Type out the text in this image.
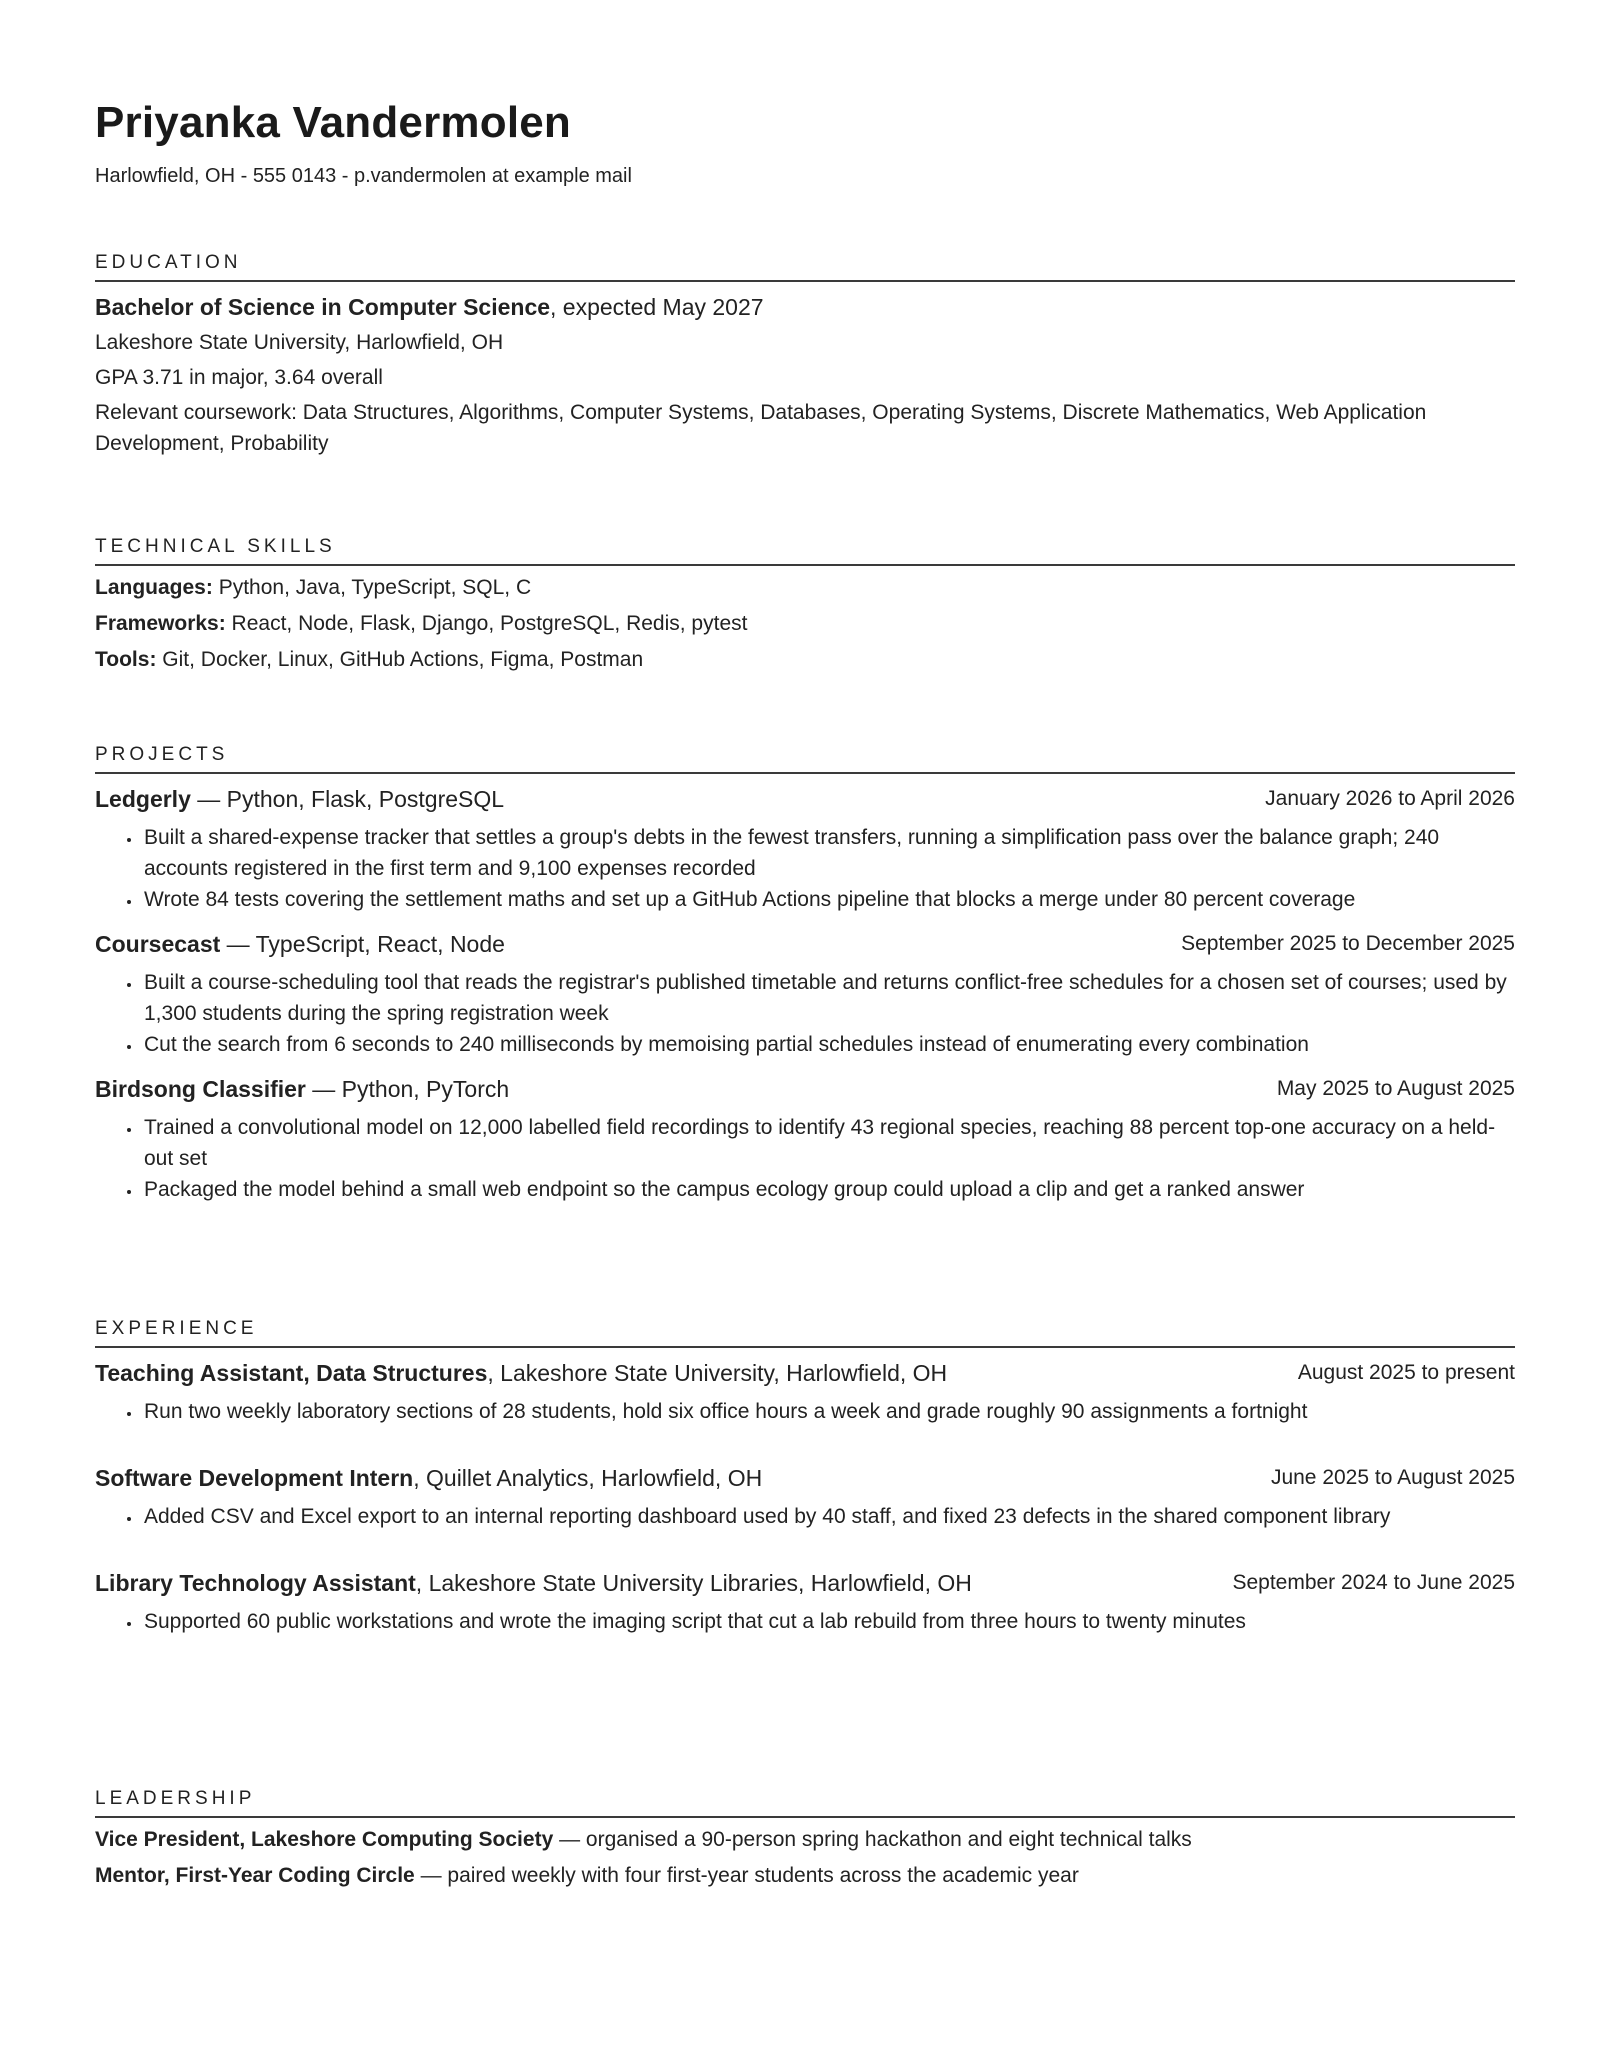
Priyanka Vandermolen
Harlowfield, OH - 555 0143 - p.vandermolen at example mail
EDUCATION
Bachelor of Science in Computer Science, expected May 2027
Lakeshore State University, Harlowfield, OH
GPA 3.71 in major, 3.64 overall
Relevant coursework: Data Structures, Algorithms, Computer Systems, Databases, Operating Systems, Discrete Mathematics, Web Application
Development, Probability
TECHNICAL SKILLS
Languages: Python, Java, TypeScript, SQL, C
Frameworks: React, Node, Flask, Django, PostgreSQL, Redis, pytest
Tools: Git, Docker, Linux, GitHub Actions, Figma, Postman
PROJECTS
Ledgerly — Python, Flask, PostgreSQL	January 2026 to April 2026
• Built a shared-expense tracker that settles a group's debts in the fewest transfers, running a simplification pass over the balance graph; 240 accounts registered in the first term and 9,100 expenses recorded
• Wrote 84 tests covering the settlement maths and set up a GitHub Actions pipeline that blocks a merge under 80 percent coverage
Coursecast — TypeScript, React, Node	September 2025 to December 2025
• Built a course-scheduling tool that reads the registrar's published timetable and returns conflict-free schedules for a chosen set of courses; used by 1,300 students during the spring registration week
• Cut the search from 6 seconds to 240 milliseconds by memoising partial schedules instead of enumerating every combination
Birdsong Classifier — Python, PyTorch	May 2025 to August 2025
• Trained a convolutional model on 12,000 labelled field recordings to identify 43 regional species, reaching 88 percent top-one accuracy on a held-out set
• Packaged the model behind a small web endpoint so the campus ecology group could upload a clip and get a ranked answer
EXPERIENCE
Teaching Assistant, Data Structures, Lakeshore State University, Harlowfield, OH	August 2025 to present
• Run two weekly laboratory sections of 28 students, hold six office hours a week and grade roughly 90 assignments a fortnight
Software Development Intern, Quillet Analytics, Harlowfield, OH	June 2025 to August 2025
• Added CSV and Excel export to an internal reporting dashboard used by 40 staff, and fixed 23 defects in the shared component library
Library Technology Assistant, Lakeshore State University Libraries, Harlowfield, OH	September 2024 to June 2025
• Supported 60 public workstations and wrote the imaging script that cut a lab rebuild from three hours to twenty minutes
LEADERSHIP
Vice President, Lakeshore Computing Society — organised a 90-person spring hackathon and eight technical talks
Mentor, First-Year Coding Circle — paired weekly with four first-year students across the academic year
